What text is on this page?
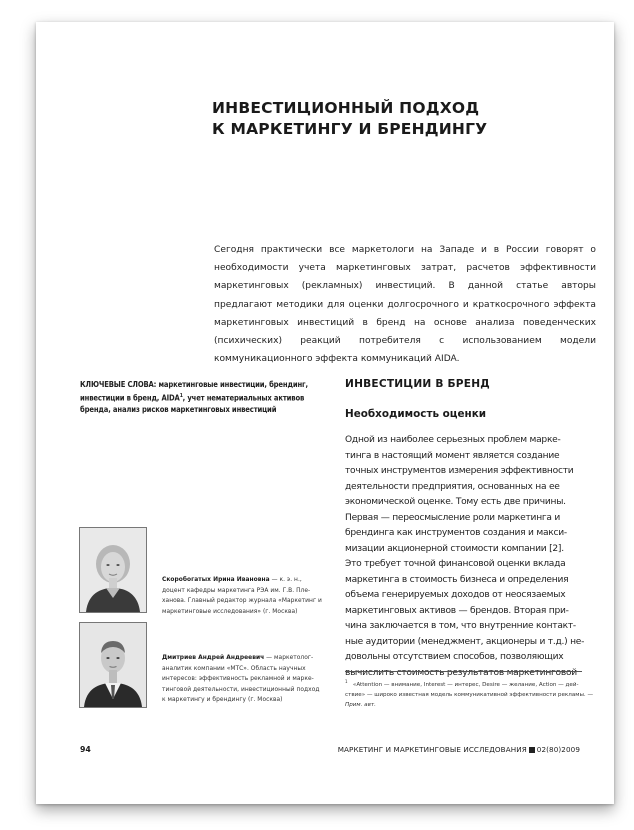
ИНВЕСТИЦИОННЫЙ ПОДХОД
К МАРКЕТИНГУ И БРЕНДИНГУ
Сегодня практически все маркетологи на Западе и в России говорят о необходимости учета маркетинговых затрат, расчетов эффективности маркетинговых (рекламных) инвестиций. В данной статье авторы предлагают методики для оценки долгосрочного и краткосрочного эффекта маркетинговых инвестиций в бренд на основе анализа поведенческих (психических) реакций потребителя с использованием модели коммуникационного эффекта коммуникаций AIDA.
КЛЮЧЕВЫЕ СЛОВА: маркетинговые инвестиции, брендинг,
инвестиции в бренд, AIDA$^1$, учет нематериальных активов
бренда, анализ рисков маркетинговых инвестиций
ИНВЕСТИЦИИ В БРЕНД
Необходимость оценки
Одной из наиболее серьезных проблем марке-
тинга в настоящий момент является создание
точных инструментов измерения эффективности
деятельности предприятия, основанных на ее
экономической оценке. Тому есть две причины.
Первая — переосмысление роли маркетинга и
брендинга как инструментов создания и макси-
мизации акционерной стоимости компании [2].
Это требует точной финансовой оценки вклада
маркетинга в стоимость бизнеса и определения
объема генерируемых доходов от неосязаемых
маркетинговых активов — брендов. Вторая при-
чина заключается в том, что внутренние контакт-
ные аудитории (менеджмент, акционеры и т.д.) не-
довольны отсутствием способов, позволяющих
вычислить стоимость результатов маркетинговой
$^1$   «Attention — внимание, Interest — интерес, Desire — желание, Action — дей-
ствие» — широко известная модель коммуникативной эффективности рекламы. —
Прим. авт.
Скоробогатых Ирина Ивановна — к. э. н.,
доцент кафедры маркетинга РЭА им. Г.В. Пле-
ханова. Главный редактор журнала «Маркетинг и
маркетинговые исследования» (г. Москва)
Дмитриев Андрей Андреевич — маркетолог-
аналитик компании «МТС». Область научных
интересов: эффективность рекламной и марке-
тинговой деятельности, инвестиционный подход
к маркетингу и брендингу (г. Москва)
94	МАРКЕТИНГ И МАРКЕТИНГОВЫЕ ИССЛЕДОВАНИЯ 02(80)2009
